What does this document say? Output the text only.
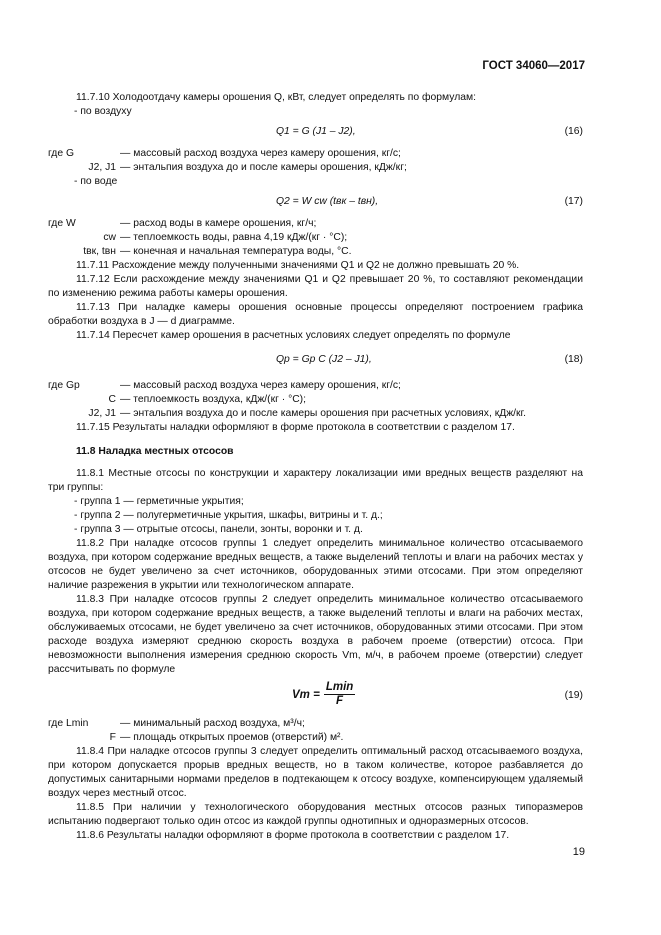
ГОСТ 34060—2017

11.7.10 Холодоотдачу камеры орошения Q, кВт, следует определять по формулам:

- по воздуху

Q1 = G (J1 – J2),	(16)
где G	— массовый расход воздуха через камеру орошения, кг/с;
J2, J1 — энтальпия воздуха до и после камеры орошения, кДж/кг;

- по воде

Q2 = W cw (tвк – tвн),	(17)
где W	— расход воды в камере орошения, кг/ч;
cw — теплоемкость воды, равна 4,19 кДж/(кг · °С);
tвк, tвн — конечная и начальная температура воды, °С.

11.7.11 Расхождение между полученными значениями Q1 и Q2 не должно превышать 20 %.

11.7.12 Если расхождение между значениями Q1 и Q2 превышает 20 %, то составляют рекомендации по изменению режима работы камеры орошения.

11.7.13 При наладке камеры орошения основные процессы определяют построением графика обработки воздуха в J — d диаграмме.

11.7.14 Пересчет камер орошения в расчетных условиях следует определять по формуле

Qр = Gр C (J2 – J1),	(18)
где Gр	— массовый расход воздуха через камеру орошения, кг/с;
C — теплоемкость воздуха, кДж/(кг · °С);
J2, J1 — энтальпия воздуха до и после камеры орошения при расчетных условиях, кДж/кг.

11.7.15 Результаты наладки оформляют в форме протокола в соответствии с разделом 17.

11.8 Наладка местных отсосов

11.8.1 Местные отсосы по конструкции и характеру локализации ими вредных веществ разделяют на три группы:

- группа 1 — герметичные укрытия;

- группа 2 — полугерметичные укрытия, шкафы, витрины и т. д.;

- группа 3 — отрытые отсосы, панели, зонты, воронки и т. д.

11.8.2 При наладке отсосов группы 1 следует определить минимальное количество отсасываемого воздуха, при котором содержание вредных веществ, а также выделений теплоты и влаги на рабочих местах у отсосов не будет увеличено за счет источников, оборудованных этими отсосами. При этом определяют наличие разрежения в укрытии или технологическом аппарате.

11.8.3 При наладке отсосов группы 2 следует определить минимальное количество отсасываемого воздуха, при котором содержание вредных веществ, а также выделений теплоты и влаги на рабочих местах, обслуживаемых отсосами, не будет увеличено за счет источников, оборудованных этими отсосами. При этом расходе воздуха измеряют среднюю скорость воздуха в рабочем проеме (отверстии) отсоса. При невозможности выполнения измерения среднюю скорость Vm, м/ч, в рабочем проеме (отверстии) следует рассчитывать по формуле

Vm =
Lmin
F	(19)
где Lmin	— минимальный расход воздуха, м³/ч;
F — площадь открытых проемов (отверстий) м².

11.8.4 При наладке отсосов группы 3 следует определить оптимальный расход отсасываемого воздуха, при котором допускается прорыв вредных веществ, но в таком количестве, которое разбавляется до допустимых санитарными нормами пределов в подтекающем к отсосу воздухе, компенсирующем удаляемый воздух через местный отсос.

11.8.5 При наличии у технологического оборудования местных отсосов разных типоразмеров испытанию подвергают только один отсос из каждой группы однотипных и одноразмерных отсосов.

11.8.6 Результаты наладки оформляют в форме протокола в соответствии с разделом 17.

19
